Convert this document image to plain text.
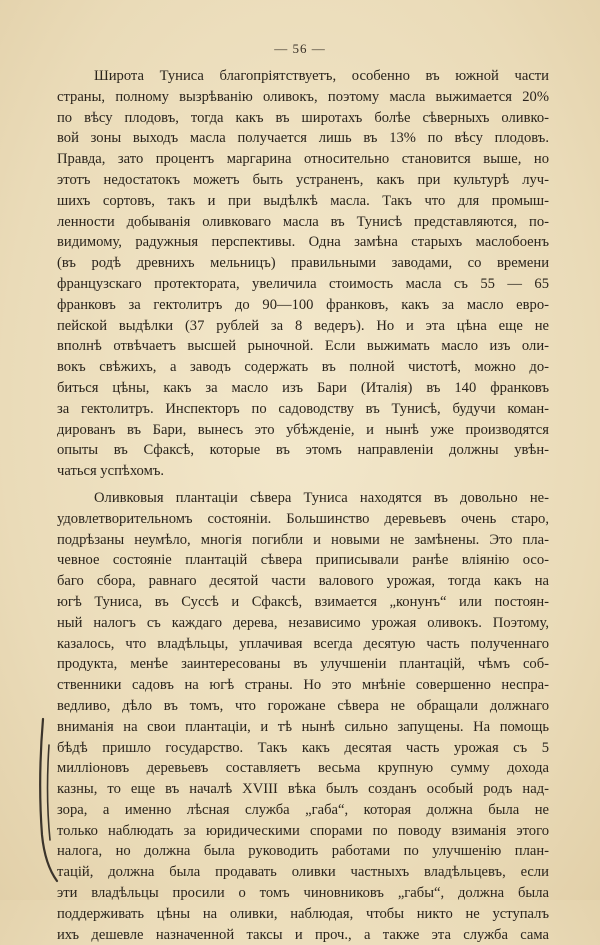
— 56 —
Широта Туниса благопріятствуетъ, особенно въ южной части
страны, полному вызрѣванію оливокъ, поэтому масла выжимается 20%
по вѣсу плодовъ, тогда какъ въ широтахъ болѣе сѣверныхъ оливко-
вой зоны выходъ масла получается лишь въ 13% по вѣсу плодовъ.
Правда, зато процентъ маргарина относительно становится выше, но
этотъ недостатокъ можетъ быть устраненъ, какъ при культурѣ луч-
шихъ сортовъ, такъ и при выдѣлкѣ масла. Такъ что для промыш-
ленности добыванія оливковаго масла въ Тунисѣ представляются, по-
видимому, радужныя перспективы. Одна замѣна старыхъ маслобоенъ
(въ родѣ древнихъ мельницъ) правильными заводами, со времени
французскаго протектората, увеличила стоимость масла съ 55 — 65
франковъ за гектолитръ до 90—100 франковъ, какъ за масло евро-
пейской выдѣлки (37 рублей за 8 ведеръ). Но и эта цѣна еще не
вполнѣ отвѣчаетъ высшей рыночной. Если выжимать масло изъ оли-
вокъ свѣжихъ, а заводъ содержать въ полной чистотѣ, можно до-
биться цѣны, какъ за масло изъ Бари (Италія) въ 140 франковъ
за гектолитръ. Инспекторъ по садоводству въ Тунисѣ, будучи коман-
дированъ въ Бари, вынесъ это убѣжденіе, и нынѣ уже производятся
опыты въ Сфаксѣ, которые въ этомъ направленіи должны увѣн-
чаться успѣхомъ.
Оливковыя плантаціи сѣвера Туниса находятся въ довольно не-
удовлетворительномъ состояніи. Большинство деревьевъ очень старо,
подрѣзаны неумѣло, многія погибли и новыми не замѣнены. Это пла-
чевное состояніе плантацій сѣвера приписывали ранѣе вліянію осо-
баго сбора, равнаго десятой части валового урожая, тогда какъ на
югѣ Туниса, въ Суссѣ и Сфаксѣ, взимается „конунъ“ или постоян-
ный налогъ съ каждаго дерева, независимо урожая оливокъ. Поэтому,
казалось, что владѣльцы, уплачивая всегда десятую часть полученнаго
продукта, менѣе заинтересованы въ улучшеніи плантацій, чѣмъ соб-
ственники садовъ на югѣ страны. Но это мнѣніе совершенно неспра-
ведливо, дѣло въ томъ, что горожане сѣвера не обращали должнаго
вниманія на свои плантаціи, и тѣ нынѣ сильно запущены. На помощь
бѣдѣ пришло государство. Такъ какъ десятая часть урожая съ 5
милліоновъ деревьевъ составляетъ весьма крупную сумму дохода
казны, то еще въ началѣ XVIII вѣка былъ созданъ особый родъ над-
зора, а именно лѣсная служба „габа“, которая должна была не
только наблюдать за юридическими спорами по поводу взиманія этого
налога, но должна была руководить работами по улучшенію план-
тацій, должна была продавать оливки частныхъ владѣльцевъ, если
эти владѣльцы просили о томъ чиновниковъ „габы“, должна была
поддерживать цѣны на оливки, наблюдая, чтобы никто не уступалъ
ихъ дешевле назначенной таксы и проч., а также эта служба сама
